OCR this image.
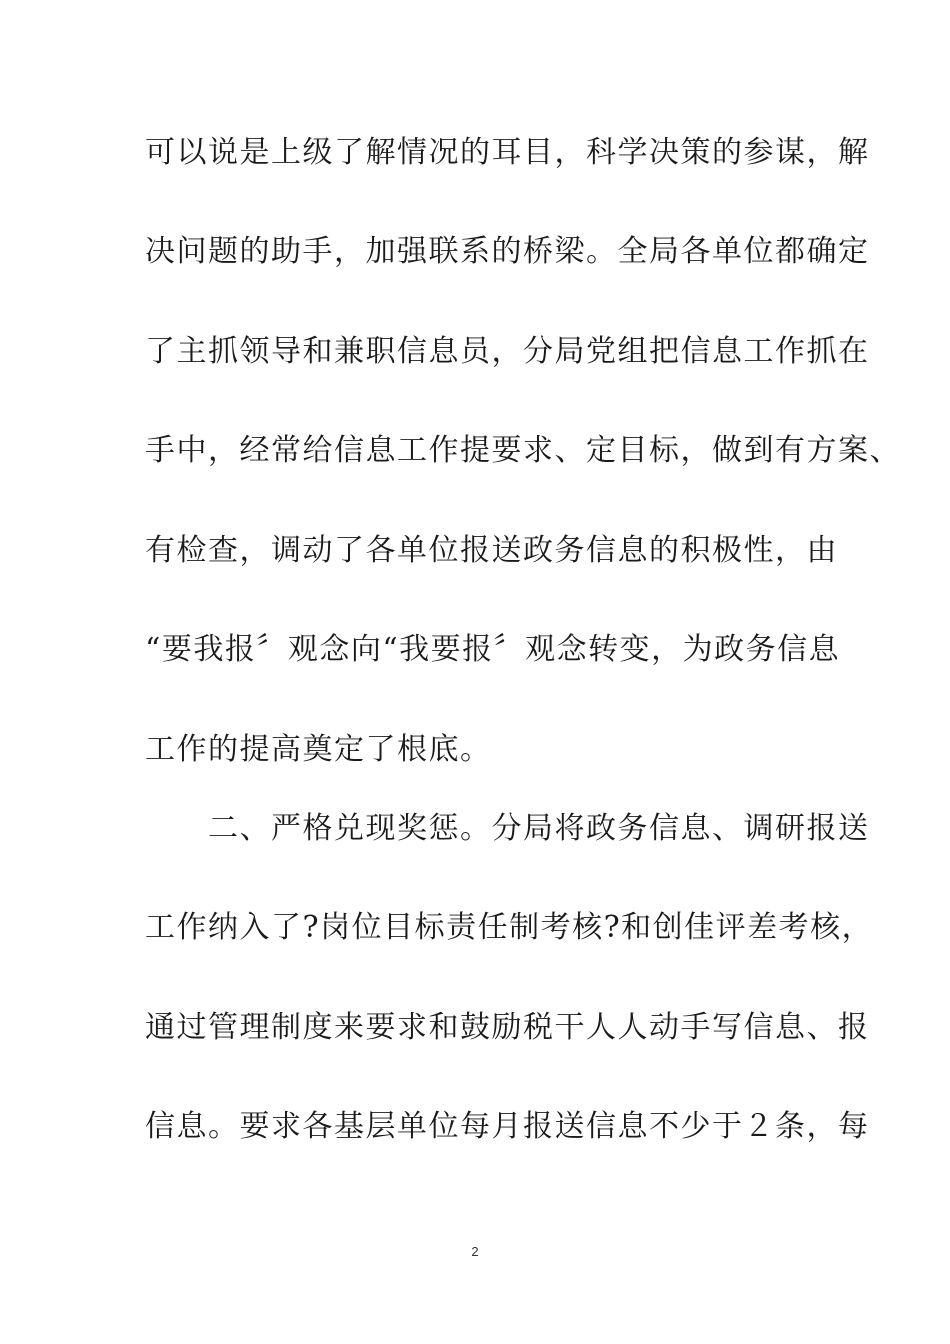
可以说是上级了解情况的耳目，科学决策的参谋，解
决问题的助手，加强联系的桥梁。全局各单位都确定
了主抓领导和兼职信息员，分局党组把信息工作抓在
手中，经常给信息工作提要求、定目标，做到有方案、
有检查，调动了各单位报送政务信息的积极性，由
“要我报〞观念向“我要报〞观念转变，为政务信息
工作的提高奠定了根底。
　　二、严格兑现奖惩。分局将政务信息、调研报送
工作纳入了?岗位目标责任制考核?和创佳评差考核，
通过管理制度来要求和鼓励税干人人动手写信息、报
信息。要求各基层单位每月报送信息不少于２条，每
2
